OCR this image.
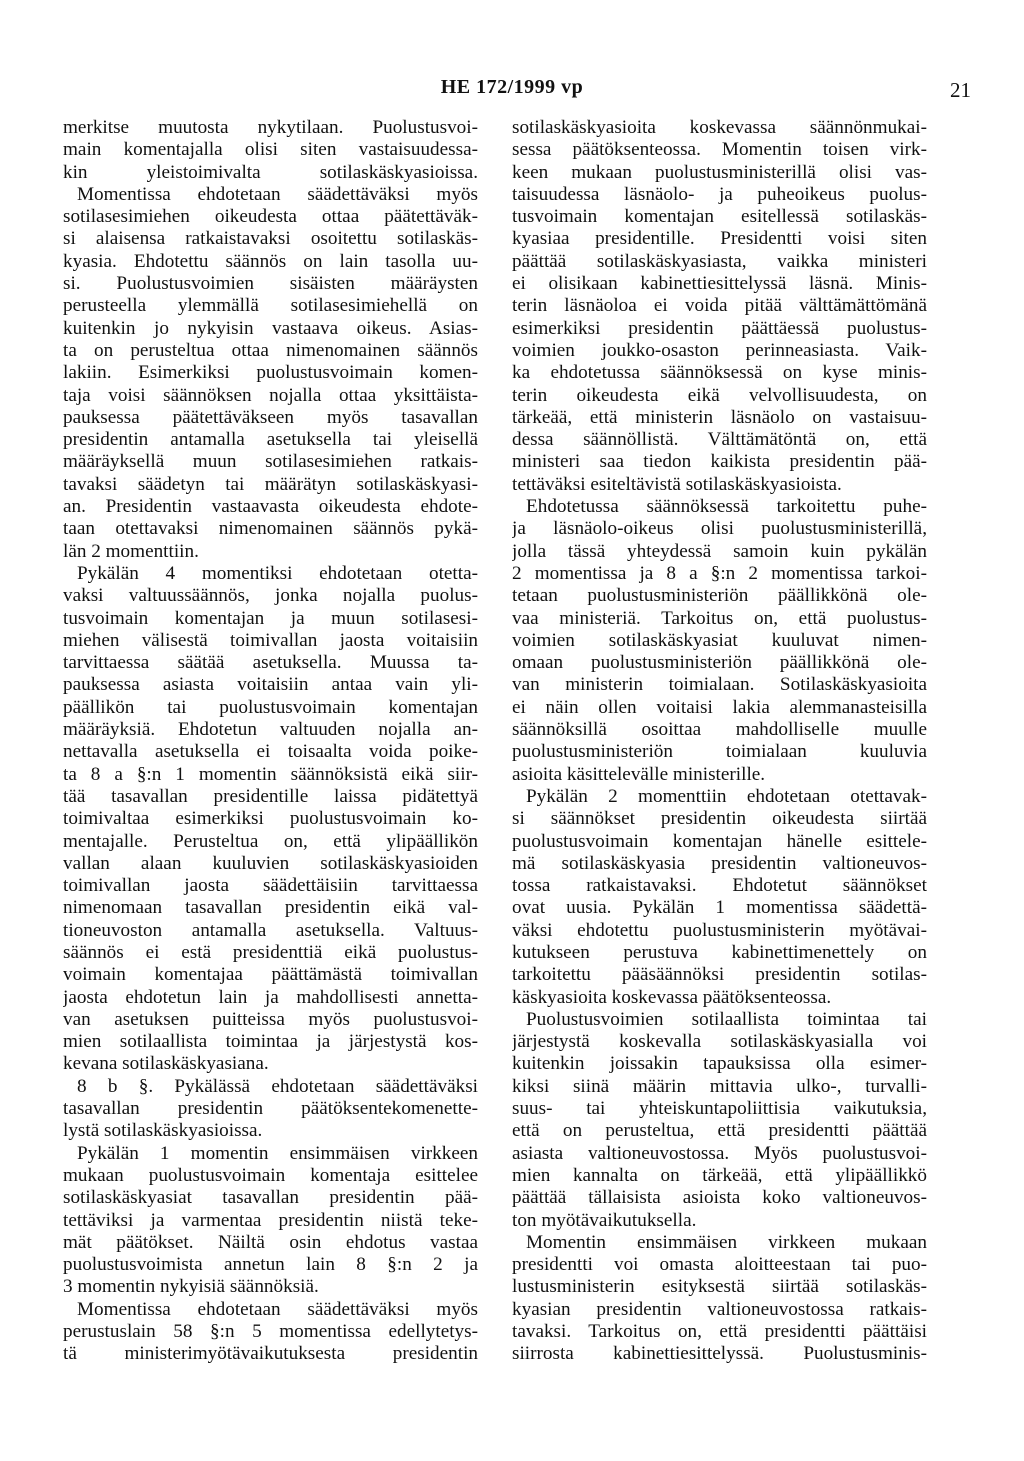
HE 172/1999 vp	21
merkitse muutosta nykytilaan. Puolustusvoi-
main komentajalla olisi siten vastaisuudessa-
kin yleistoimivalta sotilaskäskyasioissa.
Momentissa ehdotetaan säädettäväksi myös
sotilasesimiehen oikeudesta ottaa päätettäväk-
si alaisensa ratkaistavaksi osoitettu sotilaskäs-
kyasia. Ehdotettu säännös on lain tasolla uu-
si. Puolustusvoimien sisäisten määräysten
perusteella ylemmällä sotilasesimiehellä on
kuitenkin jo nykyisin vastaava oikeus. Asias-
ta on perusteltua ottaa nimenomainen säännös
lakiin. Esimerkiksi puolustusvoimain komen-
taja voisi säännöksen nojalla ottaa yksittäista-
pauksessa päätettäväkseen myös tasavallan
presidentin antamalla asetuksella tai yleisellä
määräyksellä muun sotilasesimiehen ratkais-
tavaksi säädetyn tai määrätyn sotilaskäskyasi-
an. Presidentin vastaavasta oikeudesta ehdote-
taan otettavaksi nimenomainen säännös pykä-
län 2 momenttiin.
Pykälän 4 momentiksi ehdotetaan otetta-
vaksi valtuussäännös, jonka nojalla puolus-
tusvoimain komentajan ja muun sotilasesi-
miehen välisestä toimivallan jaosta voitaisiin
tarvittaessa säätää asetuksella. Muussa ta-
pauksessa asiasta voitaisiin antaa vain yli-
päällikön tai puolustusvoimain komentajan
määräyksiä. Ehdotetun valtuuden nojalla an-
nettavalla asetuksella ei toisaalta voida poike-
ta 8 a §:n 1 momentin säännöksistä eikä siir-
tää tasavallan presidentille laissa pidätettyä
toimivaltaa esimerkiksi puolustusvoimain ko-
mentajalle. Perusteltua on, että ylipäällikön
vallan alaan kuuluvien sotilaskäskyasioiden
toimivallan jaosta säädettäisiin tarvittaessa
nimenomaan tasavallan presidentin eikä val-
tioneuvoston antamalla asetuksella. Valtuus-
säännös ei estä presidenttiä eikä puolustus-
voimain komentajaa päättämästä toimivallan
jaosta ehdotetun lain ja mahdollisesti annetta-
van asetuksen puitteissa myös puolustusvoi-
mien sotilaallista toimintaa ja järjestystä kos-
kevana sotilaskäskyasiana.
8 b §. Pykälässä ehdotetaan säädettäväksi
tasavallan presidentin päätöksentekomenette-
lystä sotilaskäskyasioissa.
Pykälän 1 momentin ensimmäisen virkkeen
mukaan puolustusvoimain komentaja esittelee
sotilaskäskyasiat tasavallan presidentin pää-
tettäviksi ja varmentaa presidentin niistä teke-
mät päätökset. Näiltä osin ehdotus vastaa
puolustusvoimista annetun lain 8 §:n 2 ja
3 momentin nykyisiä säännöksiä.
Momentissa ehdotetaan säädettäväksi myös
perustuslain 58 §:n 5 momentissa edellytetys-
tä ministerimyötävaikutuksesta presidentin
sotilaskäskyasioita koskevassa säännönmukai-
sessa päätöksenteossa. Momentin toisen virk-
keen mukaan puolustusministerillä olisi vas-
taisuudessa läsnäolo- ja puheoikeus puolus-
tusvoimain komentajan esitellessä sotilaskäs-
kyasiaa presidentille. Presidentti voisi siten
päättää sotilaskäskyasiasta, vaikka ministeri
ei olisikaan kabinettiesittelyssä läsnä. Minis-
terin läsnäoloa ei voida pitää välttämättömänä
esimerkiksi presidentin päättäessä puolustus-
voimien joukko-osaston perinneasiasta. Vaik-
ka ehdotetussa säännöksessä on kyse minis-
terin oikeudesta eikä velvollisuudesta, on
tärkeää, että ministerin läsnäolo on vastaisuu-
dessa säännöllistä. Välttämätöntä on, että
ministeri saa tiedon kaikista presidentin pää-
tettäväksi esiteltävistä sotilaskäskyasioista.
Ehdotetussa säännöksessä tarkoitettu puhe-
ja läsnäolo-oikeus olisi puolustusministerillä,
jolla tässä yhteydessä samoin kuin pykälän
2 momentissa ja 8 a §:n 2 momentissa tarkoi-
tetaan puolustusministeriön päällikkönä ole-
vaa ministeriä. Tarkoitus on, että puolustus-
voimien sotilaskäskyasiat kuuluvat nimen-
omaan puolustusministeriön päällikkönä ole-
van ministerin toimialaan. Sotilaskäskyasioita
ei näin ollen voitaisi lakia alemmanasteisilla
säännöksillä osoittaa mahdolliselle muulle
puolustusministeriön toimialaan kuuluvia
asioita käsittelevälle ministerille.
Pykälän 2 momenttiin ehdotetaan otettavak-
si säännökset presidentin oikeudesta siirtää
puolustusvoimain komentajan hänelle esittele-
mä sotilaskäskyasia presidentin valtioneuvos-
tossa ratkaistavaksi. Ehdotetut säännökset
ovat uusia. Pykälän 1 momentissa säädettä-
väksi ehdotettu puolustusministerin myötävai-
kutukseen perustuva kabinettimenettely on
tarkoitettu pääsäännöksi presidentin sotilas-
käskyasioita koskevassa päätöksenteossa.
Puolustusvoimien sotilaallista toimintaa tai
järjestystä koskevalla sotilaskäskyasialla voi
kuitenkin joissakin tapauksissa olla esimer-
kiksi siinä määrin mittavia ulko-, turvalli-
suus- tai yhteiskuntapoliittisia vaikutuksia,
että on perusteltua, että presidentti päättää
asiasta valtioneuvostossa. Myös puolustusvoi-
mien kannalta on tärkeää, että ylipäällikkö
päättää tällaisista asioista koko valtioneuvos-
ton myötävaikutuksella.
Momentin ensimmäisen virkkeen mukaan
presidentti voi omasta aloitteestaan tai puo-
lustusministerin esityksestä siirtää sotilaskäs-
kyasian presidentin valtioneuvostossa ratkais-
tavaksi. Tarkoitus on, että presidentti päättäisi
siirrosta kabinettiesittelyssä. Puolustusminis-
